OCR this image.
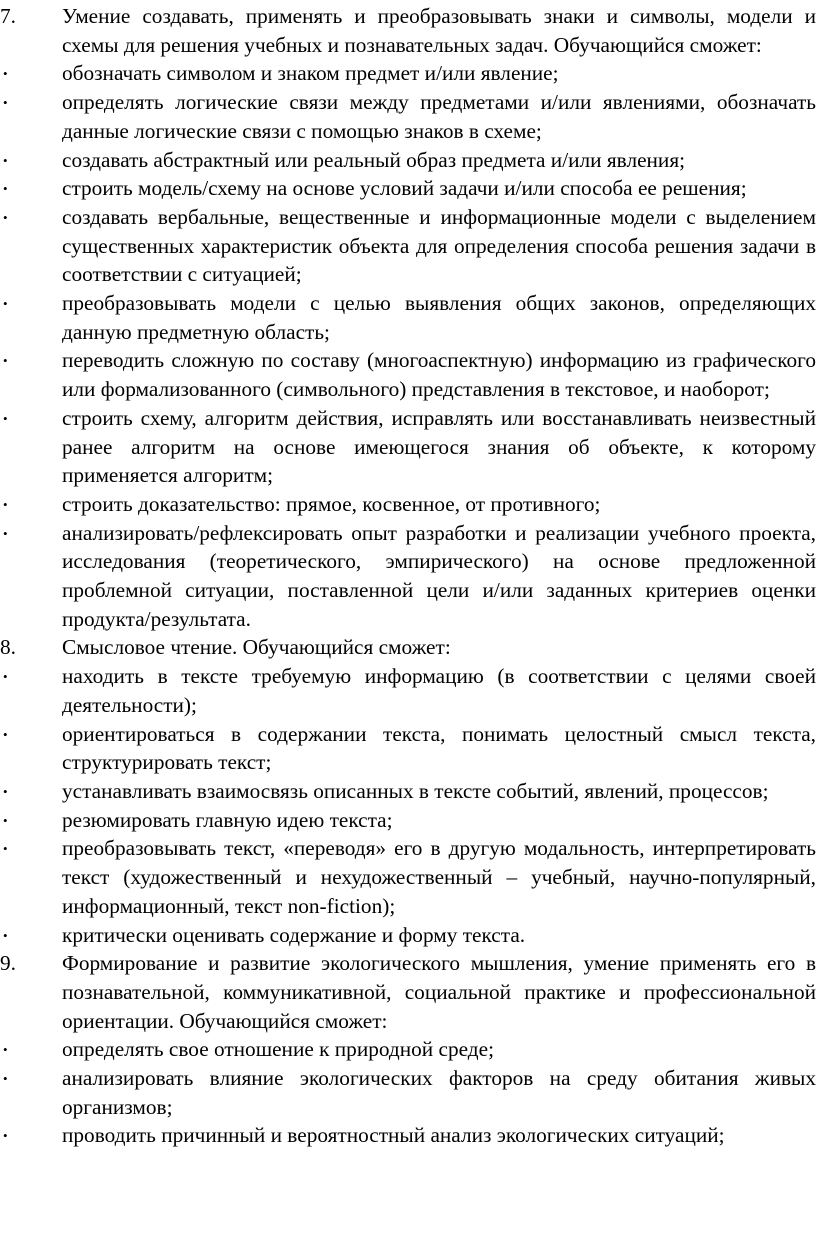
7. Умение создавать, применять и преобразовывать знаки и символы, модели и схемы для решения учебных и познавательных задач. Обучающийся сможет:
•	обозначать символом и знаком предмет и/или явление;
•	определять логические связи между предметами и/или явлениями, обозначать данные логические связи с помощью знаков в схеме;
•	создавать абстрактный или реальный образ предмета и/или явления;
•	строить модель/схему на основе условий задачи и/или способа ее решения;
•	создавать вербальные, вещественные и информационные модели с выделением существенных характеристик объекта для определения способа решения задачи в соответствии с ситуацией;
•	преобразовывать модели с целью выявления общих законов, определяющих данную предметную область;
•	переводить сложную по составу (многоаспектную) информацию из графического или формализованного (символьного) представления в текстовое, и наоборот;
•	строить схему, алгоритм действия, исправлять или восстанавливать неизвестный ранее алгоритм на основе имеющегося знания об объекте, к которому применяется алгоритм;
•	строить доказательство: прямое, косвенное, от противного;
•	анализировать/рефлексировать опыт разработки и реализации учебного проекта, исследования (теоретического, эмпирического) на основе предложенной проблемной ситуации, поставленной цели и/или заданных критериев оценки продукта/результата.
8. Смысловое чтение. Обучающийся сможет:
•	находить в тексте требуемую информацию (в соответствии с целями своей деятельности);
•	ориентироваться в содержании текста, понимать целостный смысл текста, структурировать текст;
•	устанавливать взаимосвязь описанных в тексте событий, явлений, процессов;
•	резюмировать главную идею текста;
•	преобразовывать текст, «переводя» его в другую модальность, интерпретировать текст (художественный и нехудожественный – учебный, научно-популярный, информационный, текст non-fiction);
•	критически оценивать содержание и форму текста.
9. Формирование и развитие экологического мышления, умение применять его в познавательной, коммуникативной, социальной практике и профессиональной ориентации. Обучающийся сможет:
•	определять свое отношение к природной среде;
•	анализировать влияние экологических факторов на среду обитания живых организмов;
•	проводить причинный и вероятностный анализ экологических ситуаций;
